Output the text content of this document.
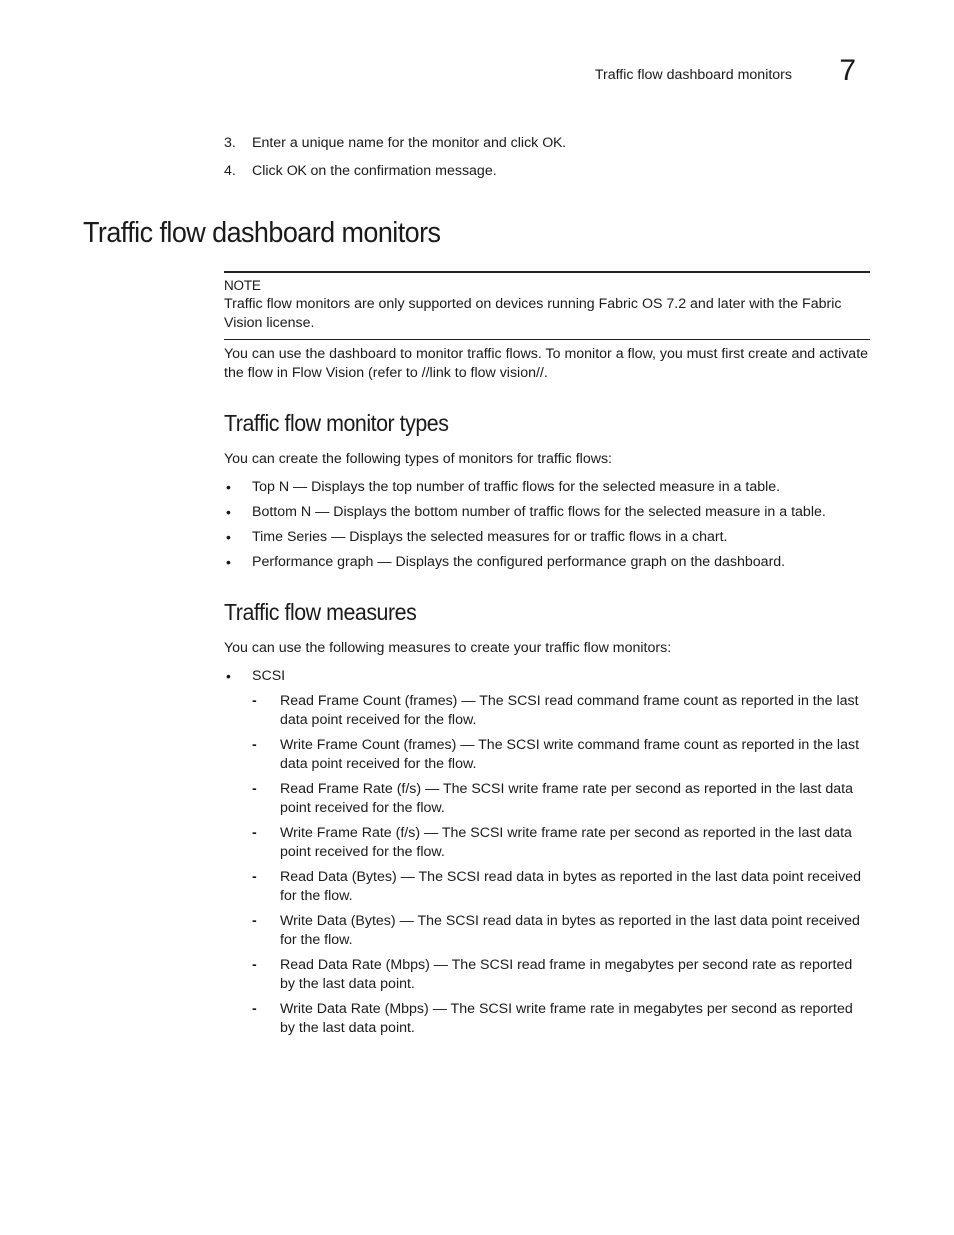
Traffic flow dashboard monitors 7
3. Enter a unique name for the monitor and click OK.
4. Click OK on the confirmation message.
Traffic flow dashboard monitors
NOTE
Traffic flow monitors are only supported on devices running Fabric OS 7.2 and later with the Fabric Vision license.

You can use the dashboard to monitor traffic flows. To monitor a flow, you must first create and activate the flow in Flow Vision (refer to //link to flow vision//.

Traffic flow monitor types

You can create the following types of monitors for traffic flows:

• Top N — Displays the top number of traffic flows for the selected measure in a table.
• Bottom N — Displays the bottom number of traffic flows for the selected measure in a table.
• Time Series — Displays the selected measures for or traffic flows in a chart.
• Performance graph — Displays the configured performance graph on the dashboard.
Traffic flow measures

You can use the following measures to create your traffic flow monitors:

• SCSI
- Read Frame Count (frames) — The SCSI read command frame count as reported in the last data point received for the flow.
- Write Frame Count (frames) — The SCSI write command frame count as reported in the last data point received for the flow.
- Read Frame Rate (f/s) — The SCSI write frame rate per second as reported in the last data point received for the flow.
- Write Frame Rate (f/s) — The SCSI write frame rate per second as reported in the last data point received for the flow.
- Read Data (Bytes) — The SCSI read data in bytes as reported in the last data point received for the flow.
- Write Data (Bytes) — The SCSI read data in bytes as reported in the last data point received for the flow.
- Read Data Rate (Mbps) — The SCSI read frame in megabytes per second rate as reported by the last data point.
- Write Data Rate (Mbps) — The SCSI write frame rate in megabytes per second as reported by the last data point.
